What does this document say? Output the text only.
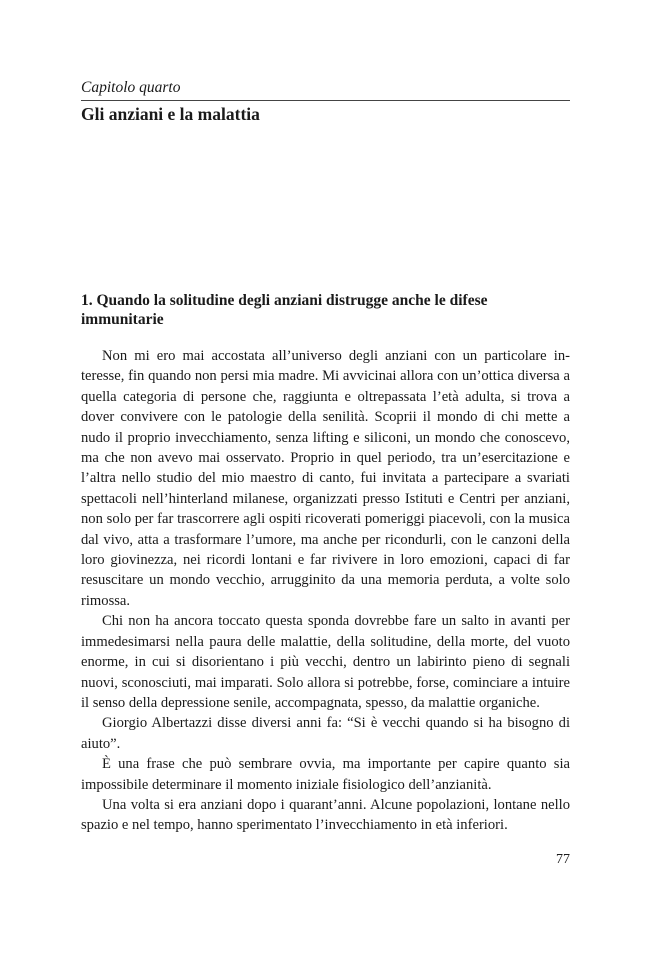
Capitolo quarto
Gli anziani e la malattia
1. Quando la solitudine degli anziani distrugge anche le difese immunitarie

Non mi ero mai accostata all’universo degli anziani con un particolare interesse, fin quando non persi mia madre. Mi avvicinai allora con un’ottica diversa a quella categoria di persone che, raggiunta e oltrepassata l’età adulta, si trova a dover convivere con le patologie della senilità. Scoprii il mondo di chi mette a nudo il proprio invecchiamento, senza lifting e siliconi, un mondo che conoscevo, ma che non avevo mai osservato. Proprio in quel periodo, tra un’esercitazione e l’altra nello studio del mio maestro di canto, fui invitata a partecipare a svariati spettacoli nell’hinterland milanese, organizzati presso Istituti e Centri per anziani, non solo per far trascorrere agli ospiti ricoverati pomeriggi piacevoli, con la musica dal vivo, atta a trasformare l’umore, ma anche per ricondurli, con le canzoni della loro giovinezza, nei ricordi lontani e far rivivere in loro emozioni, capaci di far resuscitare un mondo vecchio, arrugginito da una memoria perduta, a volte solo rimossa.

Chi non ha ancora toccato questa sponda dovrebbe fare un salto in avanti per immedesimarsi nella paura delle malattie, della solitudine, della morte, del vuoto enorme, in cui si disorientano i più vecchi, dentro un labirinto pieno di segnali nuovi, sconosciuti, mai imparati. Solo allora si potrebbe, forse, cominciare a intuire il senso della depressione senile, accompagnata, spesso, da malattie organiche.

Giorgio Albertazzi disse diversi anni fa: “Si è vecchi quando si ha bisogno di aiuto”.

È una frase che può sembrare ovvia, ma importante per capire quanto sia impossibile determinare il momento iniziale fisiologico dell’anzianità.

Una volta si era anziani dopo i quarant’anni. Alcune popolazioni, lontane nello spazio e nel tempo, hanno sperimentato l’invecchiamento in età inferiori.

77
